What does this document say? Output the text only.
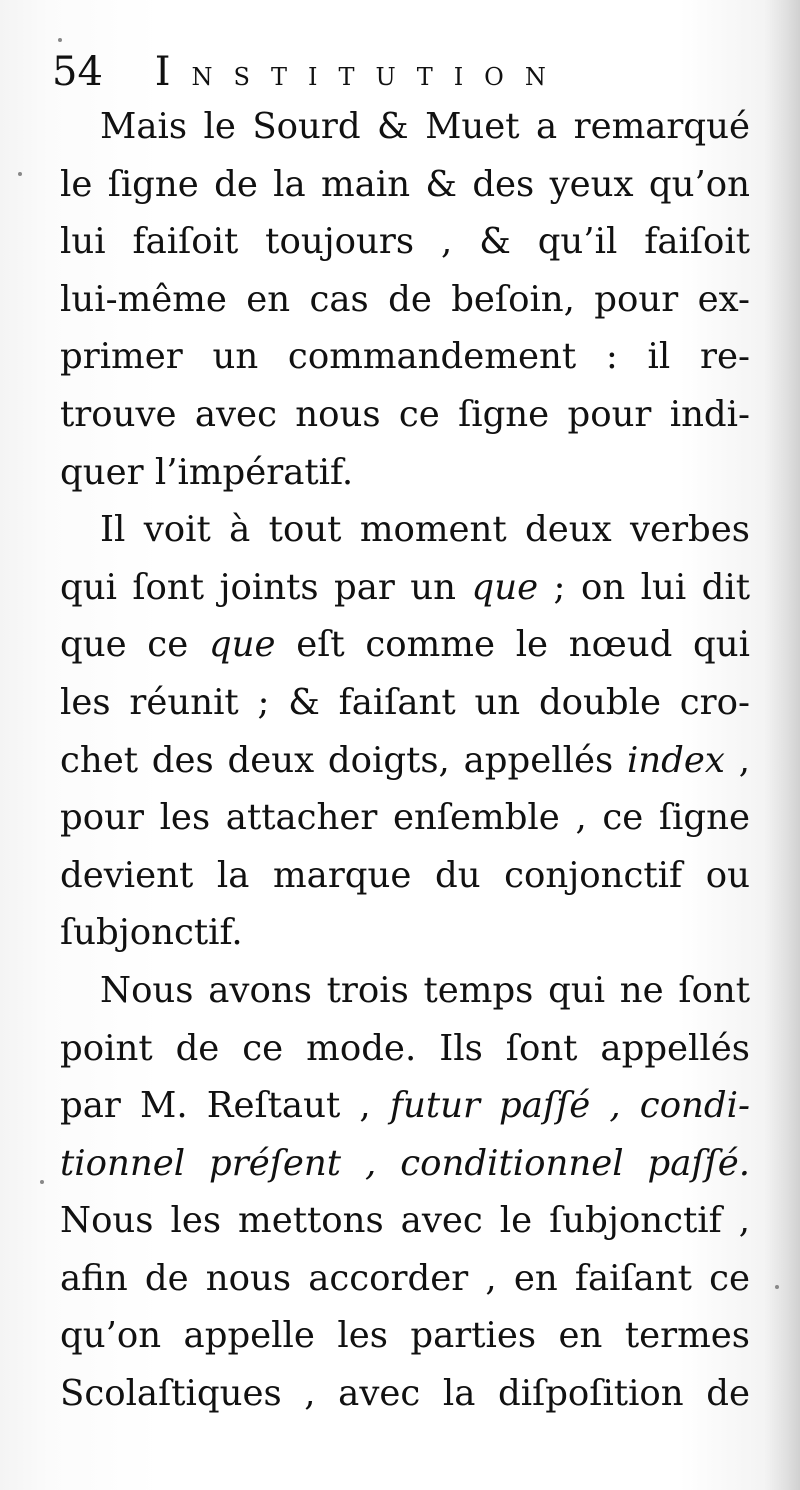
54 Institution
Mais le Sourd & Muet a remarqué
le ſigne de la main & des yeux qu’on
lui faiſoit toujours , & qu’il faiſoit
lui-même en cas de beſoin, pour ex-
primer un commandement : il re-
trouve avec nous ce ſigne pour indi-
quer l’impératif.
Il voit à tout moment deux verbes
qui ſont joints par un que ; on lui dit
que ce que eſt comme le nœud qui
les réunit ; & faiſant un double cro-
chet des deux doigts, appellés index ,
pour les attacher enſemble , ce ſigne
devient la marque du conjonctif ou
ſubjonctif.
Nous avons trois temps qui ne ſont
point de ce mode. Ils ſont appellés
par M. Reſtaut , futur paſſé , condi-
tionnel préſent , conditionnel paſſé.
Nous les mettons avec le ſubjonctif ,
afin de nous accorder , en faiſant ce
qu’on appelle les parties en termes
Scolaſtiques , avec la diſpoſition de
